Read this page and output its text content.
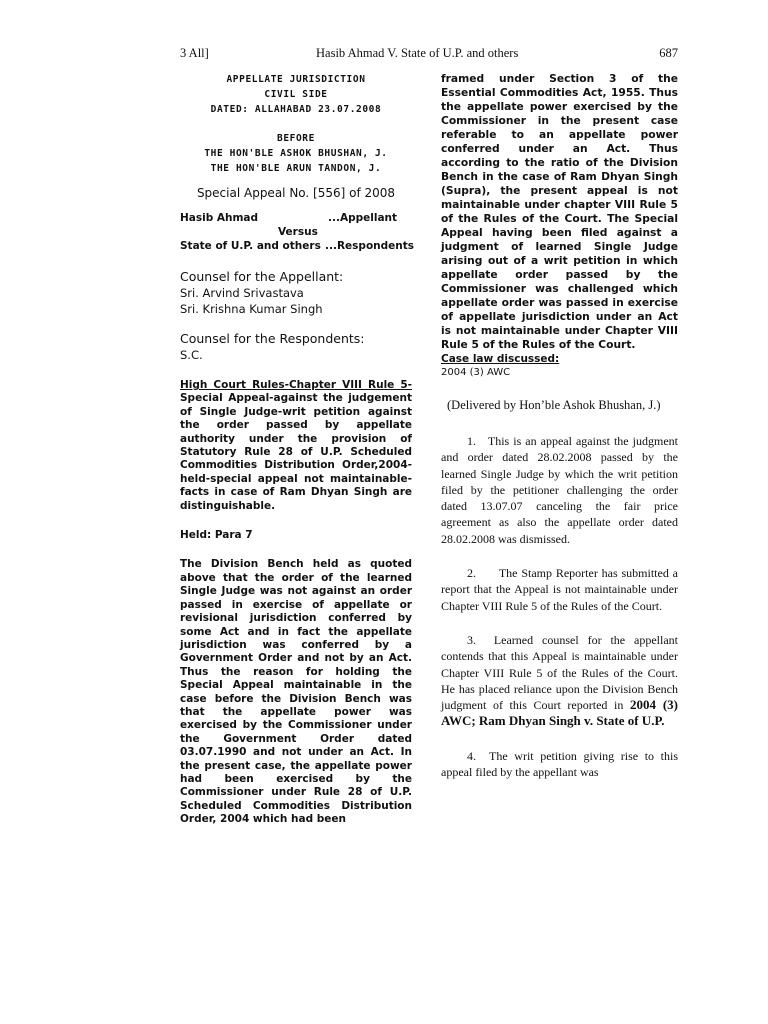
3 All]	Hasib Ahmad V. State of U.P. and others	687
APPELLATE JURISDICTION
CIVIL SIDE
DATED: ALLAHABAD 23.07.2008
BEFORE
THE HON'BLE ASHOK BHUSHAN, J.
THE HON'BLE ARUN TANDON, J.
Special Appeal No. [556] of 2008
Hasib Ahmad	...Appellant
Versus
State of U.P. and others ...Respondents
Counsel for the Appellant:
Sri. Arvind Srivastava
Sri. Krishna Kumar Singh
Counsel for the Respondents:
S.C.
High Court Rules-Chapter VIII Rule 5- Special Appeal-against the judgement of Single Judge-writ petition against the order passed by appellate authority under the provision of Statutory Rule 28 of U.P. Scheduled Commodities Distribution Order,2004-held-special appeal not maintainable-facts in case of Ram Dhyan Singh are distinguishable.
Held: Para 7
The Division Bench held as quoted above that the order of the learned Single Judge was not against an order passed in exercise of appellate or revisional jurisdiction conferred by some Act and in fact the appellate jurisdiction was conferred by a Government Order and not by an Act. Thus the reason for holding the Special Appeal maintainable in the case before the Division Bench was that the appellate power was exercised by the Commissioner under the Government Order dated 03.07.1990 and not under an Act. In the present case, the appellate power had been exercised by the Commissioner under Rule 28 of U.P. Scheduled Commodities Distribution Order, 2004 which had been
framed under Section 3 of the Essential Commodities Act, 1955. Thus the appellate power exercised by the Commissioner in the present case referable to an appellate power conferred under an Act. Thus according to the ratio of the Division Bench in the case of Ram Dhyan Singh (Supra), the present appeal is not maintainable under chapter VIII Rule 5 of the Rules of the Court. The Special Appeal having been filed against a judgment of learned Single Judge arising out of a writ petition in which appellate order passed by the Commissioner was challenged which appellate order was passed in exercise of appellate jurisdiction under an Act is not maintainable under Chapter VIII Rule 5 of the Rules of the Court.
Case law discussed:
2004 (3) AWC
(Delivered by Hon’ble Ashok Bhushan, J.)
1. This is an appeal against the judgment and order dated 28.02.2008 passed by the learned Single Judge by which the writ petition filed by the petitioner challenging the order dated 13.07.07 canceling the fair price agreement as also the appellate order dated 28.02.2008 was dismissed.
2. The Stamp Reporter has submitted a report that the Appeal is not maintainable under Chapter VIII Rule 5 of the Rules of the Court.
3. Learned counsel for the appellant contends that this Appeal is maintainable under Chapter VIII Rule 5 of the Rules of the Court. He has placed reliance upon the Division Bench judgment of this Court reported in 2004 (3) AWC; Ram Dhyan Singh v. State of U.P.
4. The writ petition giving rise to this appeal filed by the appellant was
